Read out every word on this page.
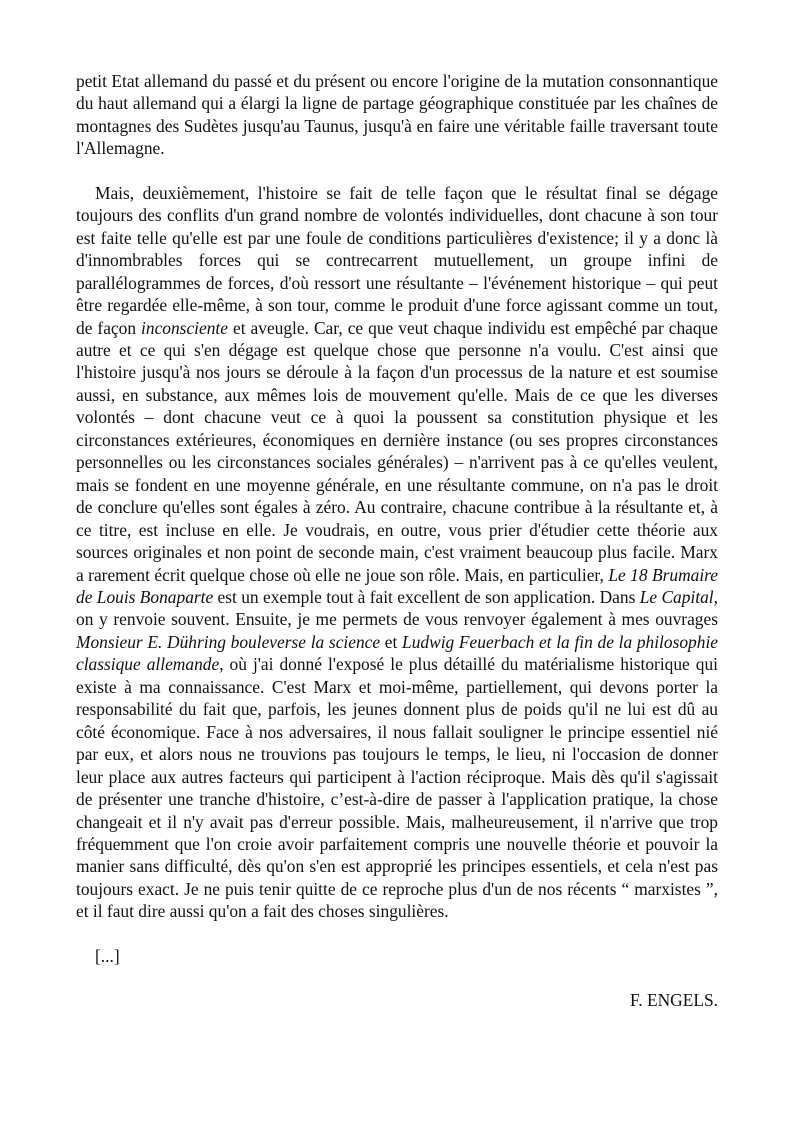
petit Etat allemand du passé et du présent ou encore l'origine de la mutation consonnantique du haut allemand qui a élargi la ligne de partage géographique constituée par les chaînes de montagnes des Sudètes jusqu'au Taunus, jusqu'à en faire une véritable faille traversant toute l'Allemagne.

Mais, deuxièmement, l'histoire se fait de telle façon que le résultat final se dégage toujours des conflits d'un grand nombre de volontés individuelles, dont chacune à son tour est faite telle qu'elle est par une foule de conditions particulières d'existence; il y a donc là d'innombrables forces qui se contrecarrent mutuellement, un groupe infini de parallélogrammes de forces, d'où ressort une résultante – l'événement historique – qui peut être regardée elle-même, à son tour, comme le produit d'une force agissant comme un tout, de façon inconsciente et aveugle. Car, ce que veut chaque individu est empêché par chaque autre et ce qui s'en dégage est quelque chose que personne n'a voulu. C'est ainsi que l'histoire jusqu'à nos jours se déroule à la façon d'un processus de la nature et est soumise aussi, en substance, aux mêmes lois de mouvement qu'elle. Mais de ce que les diverses volontés – dont chacune veut ce à quoi la poussent sa constitution physique et les circonstances extérieures, économiques en dernière instance (ou ses propres circonstances personnelles ou les circonstances sociales générales) – n'arrivent pas à ce qu'elles veulent, mais se fondent en une moyenne générale, en une résultante commune, on n'a pas le droit de conclure qu'elles sont égales à zéro. Au contraire, chacune contribue à la résultante et, à ce titre, est incluse en elle. Je voudrais, en outre, vous prier d'étudier cette théorie aux sources originales et non point de seconde main, c'est vraiment beaucoup plus facile. Marx a rarement écrit quelque chose où elle ne joue son rôle. Mais, en particulier, Le 18 Brumaire de Louis Bonaparte est un exemple tout à fait excellent de son application. Dans Le Capital, on y renvoie souvent. Ensuite, je me permets de vous renvoyer également à mes ouvrages Monsieur E. Dühring bouleverse la science et Ludwig Feuerbach et la fin de la philosophie classique allemande, où j'ai donné l'exposé le plus détaillé du matérialisme historique qui existe à ma connaissance. C'est Marx et moi-même, partiellement, qui devons porter la responsabilité du fait que, parfois, les jeunes donnent plus de poids qu'il ne lui est dû au côté économique. Face à nos adversaires, il nous fallait souligner le principe essentiel nié par eux, et alors nous ne trouvions pas toujours le temps, le lieu, ni l'occasion de donner leur place aux autres facteurs qui participent à l'action réciproque. Mais dès qu'il s'agissait de présenter une tranche d'histoire, c’est-à-dire de passer à l'application pratique, la chose changeait et il n'y avait pas d'erreur possible. Mais, malheureusement, il n'arrive que trop fréquemment que l'on croie avoir parfaitement compris une nouvelle théorie et pouvoir la manier sans difficulté, dès qu'on s'en est approprié les principes essentiels, et cela n'est pas toujours exact. Je ne puis tenir quitte de ce reproche plus d'un de nos récents “ marxistes ”, et il faut dire aussi qu'on a fait des choses singulières.

[...]

F. ENGELS.
